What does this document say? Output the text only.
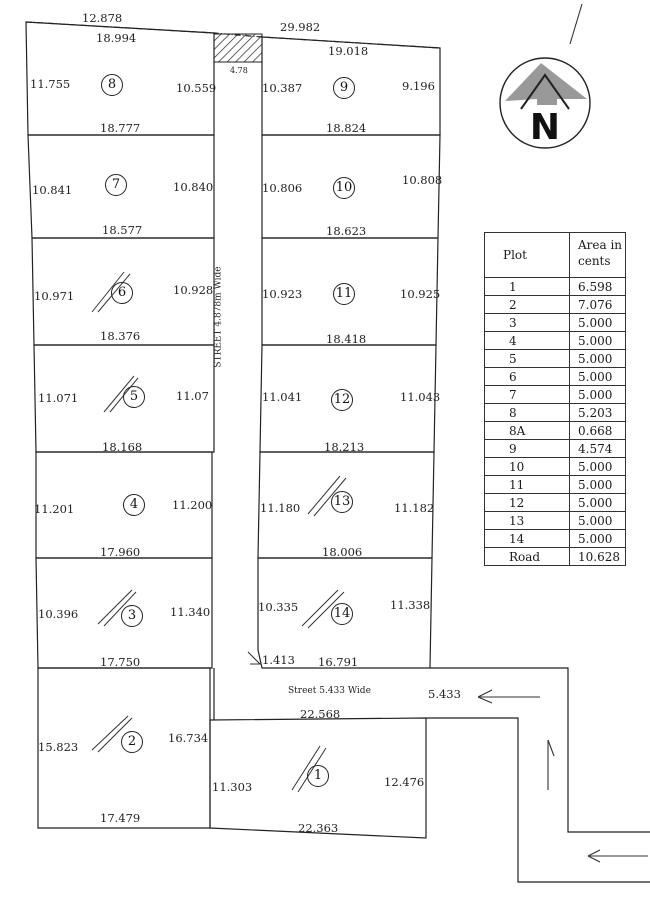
N
12.878
29.982
18.994
19.018
4.78
8
11.755	10.559
18.777
9
10.387	9.196
18.824
7
10.841	10.840
18.577
10
10.806
10.808
18.623
6
10.971	10.928
18.376
11
10.923	10.925
18.418
5
11.071	11.07
18.168
12
11.041	11.043
18.213
4
11.201	11.200
17.960
13
11.180	11.182
18.006
3
10.396	11.340
17.750
14
10.335	11.338
16.791
STREET 4.878m Wide
Street 5.433 Wide	5.433
1.413
2
15.823
16.734
17.479
1
22.568
11.303	12.476
22.363
Plot	Area in cents
1	6.598
2	7.076
3	5.000
4	5.000
5	5.000
6	5.000
7	5.000
8	5.203
8A	0.668
9	4.574
10	5.000
11	5.000
12	5.000
13	5.000
14	5.000
Road	10.628
